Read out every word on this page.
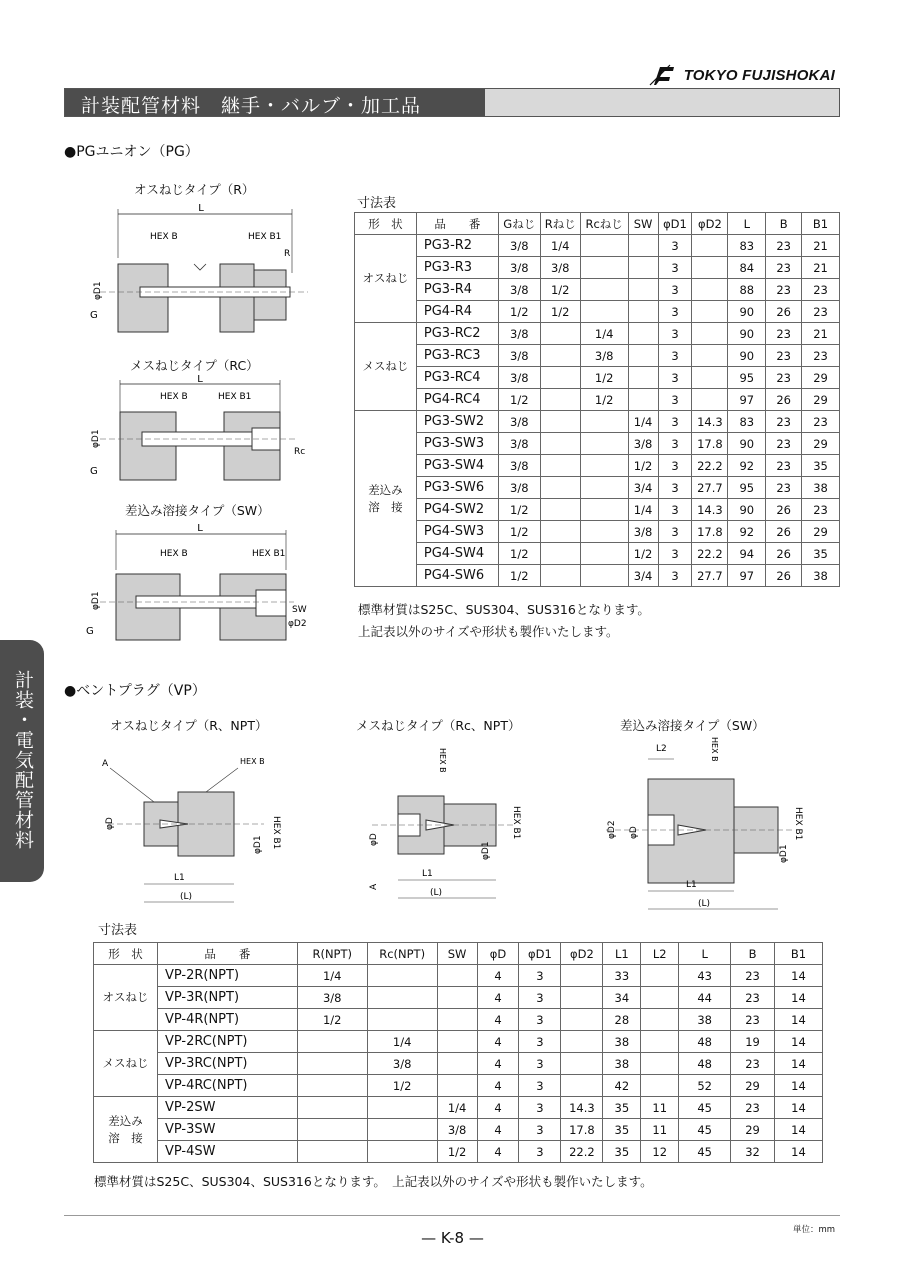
TOKYO FUJISHOKAI
計装配管材料　継手・バルブ・加工品
計装・電気配管材料
●PGユニオン（PG）
オスねじタイプ（R）
メスねじタイプ（RC）
差込み溶接タイプ（SW）
L
HEX B	HEX B1
R
φD1
G
L
HEX B	HEX B1
Rc
φD1
G
L
HEX B	HEX B1
SW
φD2
φD1
G
寸法表
形　状	品　　番	Gねじ	Rねじ	Rcねじ	SW	φD1	φD2	L	B	B1
オスねじ	PG3-R2	3/8	1/4			3		83	23	21
	PG3-R3	3/8	3/8			3		84	23	21
	PG3-R4	3/8	1/2			3		88	23	23
	PG4-R4	1/2	1/2			3		90	26	23
メスねじ	PG3-RC2	3/8		1/4		3		90	23	21
	PG3-RC3	3/8		3/8		3		90	23	23
	PG3-RC4	3/8		1/2		3		95	23	29
	PG4-RC4	1/2		1/2		3		97	26	29
差込み
溶　接	PG3-SW2	3/8			1/4	3	14.3	83	23	23
	PG3-SW3	3/8			3/8	3	17.8	90	23	29
	PG3-SW4	3/8			1/2	3	22.2	92	23	35
	PG3-SW6	3/8			3/4	3	27.7	95	23	38
	PG4-SW2	1/2			1/4	3	14.3	90	26	23
	PG4-SW3	1/2			3/8	3	17.8	92	26	29
	PG4-SW4	1/2			1/2	3	22.2	94	26	35
	PG4-SW6	1/2			3/4	3	27.7	97	26	38
標準材質はS25C、SUS304、SUS316となります。
上記表以外のサイズや形状も製作いたします。
●ベントプラグ（VP）
オスねじタイプ（R、NPT）	メスねじタイプ（Rc、NPT）	差込み溶接タイプ（SW）
A	HEX B
φD
φD1 HEX B1
L1
(L)
HEX B
HEX B1
φD
φD1
A
L1
(L)
L2	HEX B
φD2 φD	HEX B1
φD1
L1
(L)
寸法表
形　状	品　　番	R(NPT)	Rc(NPT)	SW	φD	φD1	φD2	L1	L2	L	B	B1
オスねじ	VP-2R(NPT)	1/4			4	3		33		43	23	14
	VP-3R(NPT)	3/8			4	3		34		44	23	14
	VP-4R(NPT)	1/2			4	3		28		38	23	14
メスねじ	VP-2RC(NPT)		1/4		4	3		38		48	19	14
	VP-3RC(NPT)		3/8		4	3		38		48	23	14
	VP-4RC(NPT)		1/2		4	3		42		52	29	14
差込み
溶　接	VP-2SW			1/4	4	3	14.3	35	11	45	23	14
	VP-3SW			3/8	4	3	17.8	35	11	45	29	14
	VP-4SW			1/2	4	3	22.2	35	12	45	32	14
標準材質はS25C、SUS304、SUS316となります。　上記表以外のサイズや形状も製作いたします。
単位：mm
— K-8 —
